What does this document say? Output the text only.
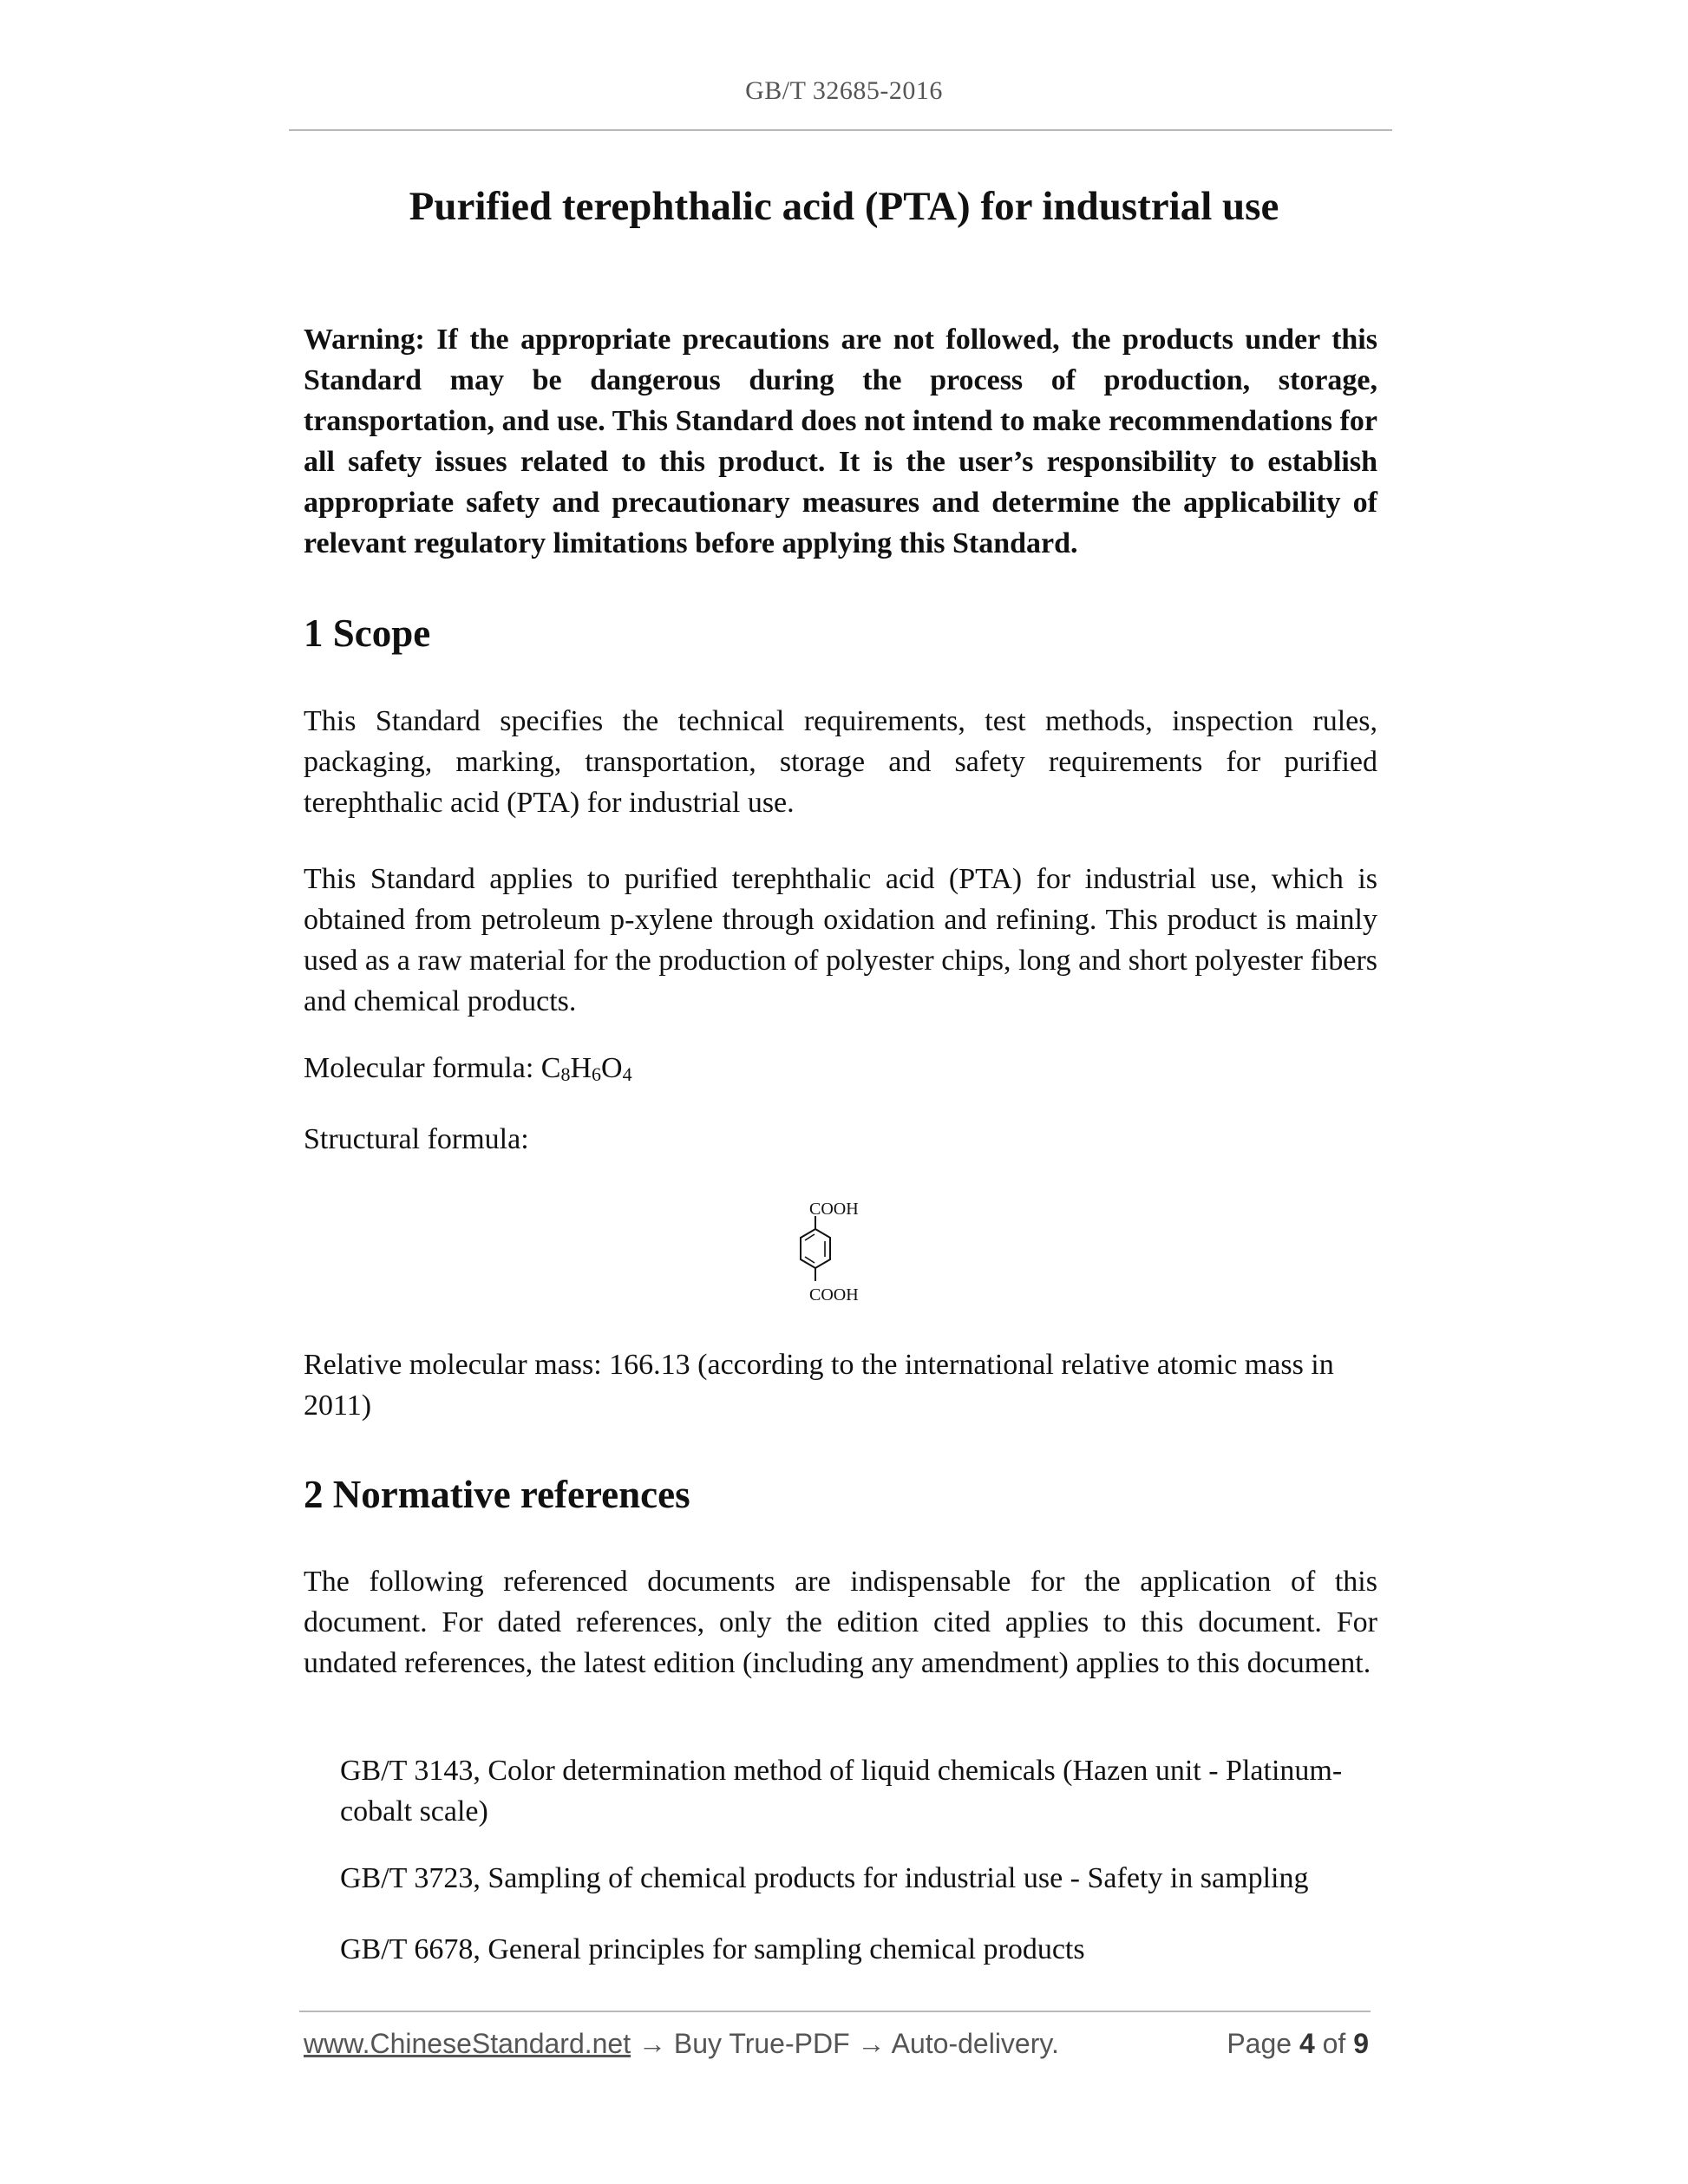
GB/T 32685-2016
Purified terephthalic acid (PTA) for industrial use

Warning: If the appropriate precautions are not followed, the products under this Standard may be dangerous during the process of production, storage, transportation, and use. This Standard does not intend to make recommendations for all safety issues related to this product. It is the user’s responsibility to establish appropriate safety and precautionary measures and determine the applicability of relevant regulatory limitations before applying this Standard.

1 Scope

This Standard specifies the technical requirements, test methods, inspection rules, packaging, marking, transportation, storage and safety requirements for purified terephthalic acid (PTA) for industrial use.

This Standard applies to purified terephthalic acid (PTA) for industrial use, which is obtained from petroleum p-xylene through oxidation and refining. This product is mainly used as a raw material for the production of polyester chips, long and short polyester fibers and chemical products.

Molecular formula: C8H6O4

Structural formula:

COOH
COOH

Relative molecular mass: 166.13 (according to the international relative atomic mass in 2011)

2 Normative references

The following referenced documents are indispensable for the application of this document. For dated references, only the edition cited applies to this document. For undated references, the latest edition (including any amendment) applies to this document.

GB/T 3143, Color determination method of liquid chemicals (Hazen unit - Platinum-cobalt scale)

GB/T 3723, Sampling of chemical products for industrial use - Safety in sampling

GB/T 6678, General principles for sampling chemical products

www.ChineseStandard.net → Buy True-PDF → Auto-delivery.	Page 4 of 9
